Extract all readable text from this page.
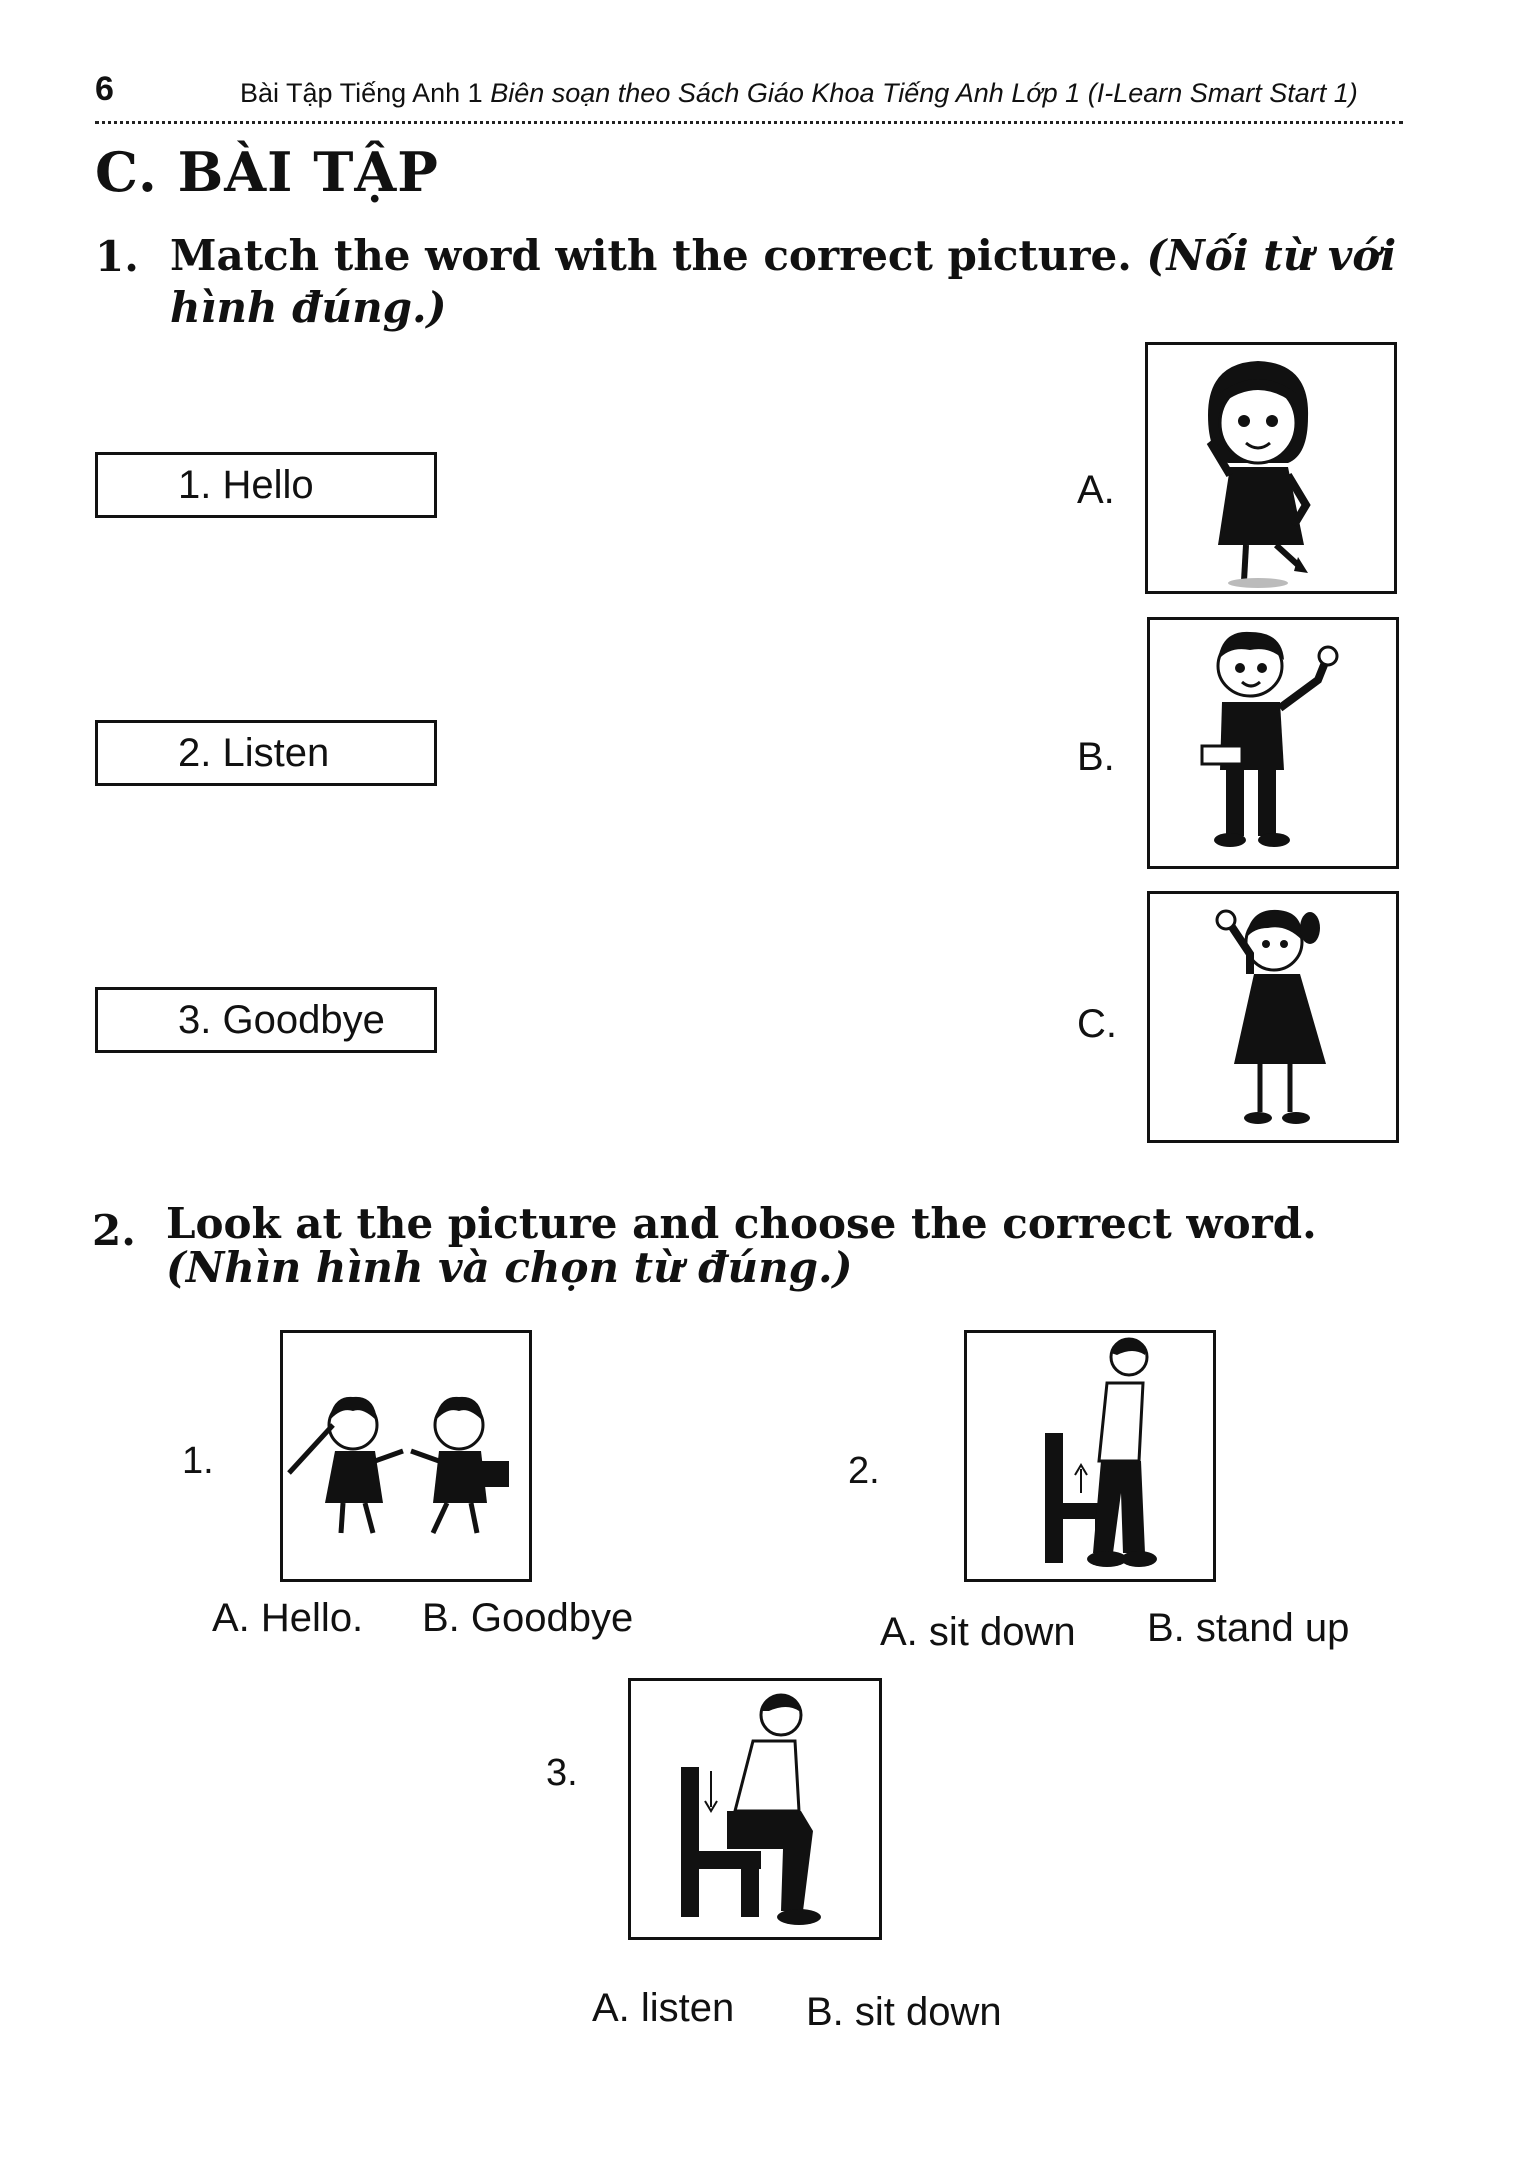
6	Bài Tập Tiếng Anh 1 Biên soạn theo Sách Giáo Khoa Tiếng Anh Lớp 1 (I-Learn Smart Start 1)
C. BÀI TẬP
1. Match the word with the correct picture. (Nối từ với hình đúng.)
1. Hello
2. Listen
3. Goodbye
A.
B.
C.
2. Look at the picture and choose the correct word. (Nhìn hình và chọn từ đúng.)
1.
A. Hello. B. Goodbye
2.
A. sit down B. stand up
3.
A. listen B. sit down
